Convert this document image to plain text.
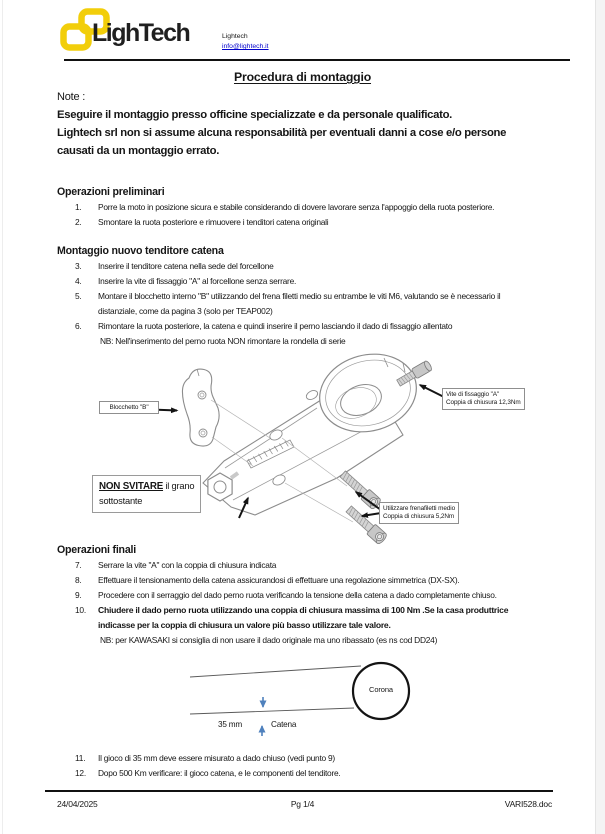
LighTech	Lightech
info@lightech.it
Procedura di montaggio
Note :
Eseguire il montaggio presso officine specializzate e da personale qualificato.
Lightech srl non si assume alcuna responsabilità per eventuali danni a cose e/o persone
causati da un montaggio errato.
Operazioni preliminari
1.	Porre la moto in posizione sicura e stabile considerando di dovere lavorare senza l'appoggio della ruota posteriore.
2.	Smontare la ruota posteriore e rimuovere i tenditori catena originali
Montaggio nuovo tenditore catena
3.	Inserire il tenditore catena nella sede del forcellone
4.	Inserire la vite di fissaggio "A" al forcellone senza serrare.
5.	Montare il blocchetto interno "B" utilizzando del frena filetti medio su entrambe le viti M6, valutando se è necessario il distanziale, come da pagina 3 (solo per TEAP002)
6.	Rimontare la ruota posteriore, la catena e quindi inserire il perno lasciando il dado di fissaggio allentato
NB: Nell'inserimento del perno ruota NON rimontare la rondella di serie
Blocchetto "B"
Vite di fissaggio "A"
Coppia di chiusura 12,3Nm
NON SVITARE il grano
sottostante
Utilizzare frenafiletti medio
Coppia di chiusura 5,2Nm
Operazioni finali
7.	Serrare la vite "A" con la coppia di chiusura indicata
8.	Effettuare il tensionamento della catena assicurandosi di effettuare una regolazione simmetrica (DX-SX).
9.	Procedere con il serraggio del dado perno ruota verificando la tensione della catena a dado completamente chiuso.
10.	Chiudere il dado perno ruota utilizzando una coppia di chiusura massima di 100 Nm .Se la casa produttrice indicasse per la coppia di chiusura un valore più basso utilizzare tale valore.
NB: per KAWASAKI si consiglia di non usare il dado originale ma uno ribassato (es ns cod DD24)
Corona
35 mm	Catena
11.	Il gioco di 35 mm deve essere misurato a dado chiuso (vedi punto 9)
12.	Dopo 500 Km verificare: il gioco catena, e le componenti del tenditore.
24/04/2025	Pg 1/4	VARI528.doc
